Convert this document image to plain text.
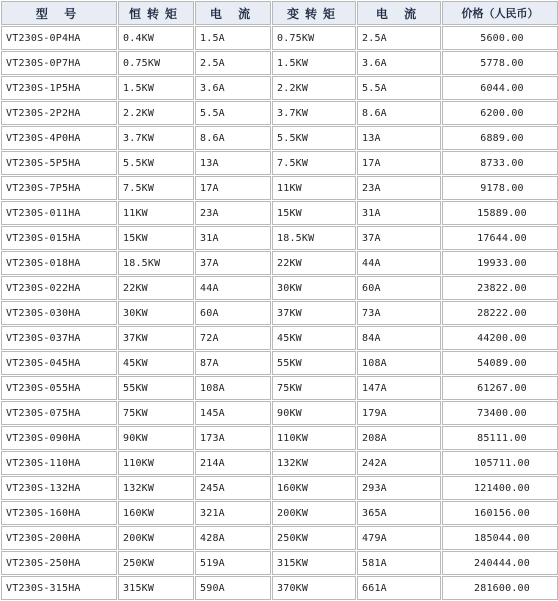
型 号	恒转矩	电 流	变转矩	电 流	价格（人民币）
VT230S-0P4HA	0.4KW	1.5A	0.75KW	2.5A	5600.00
VT230S-0P7HA	0.75KW	2.5A	1.5KW	3.6A	5778.00
VT230S-1P5HA	1.5KW	3.6A	2.2KW	5.5A	6044.00
VT230S-2P2HA	2.2KW	5.5A	3.7KW	8.6A	6200.00
VT230S-4P0HA	3.7KW	8.6A	5.5KW	13A	6889.00
VT230S-5P5HA	5.5KW	13A	7.5KW	17A	8733.00
VT230S-7P5HA	7.5KW	17A	11KW	23A	9178.00
VT230S-011HA	11KW	23A	15KW	31A	15889.00
VT230S-015HA	15KW	31A	18.5KW	37A	17644.00
VT230S-018HA	18.5KW	37A	22KW	44A	19933.00
VT230S-022HA	22KW	44A	30KW	60A	23822.00
VT230S-030HA	30KW	60A	37KW	73A	28222.00
VT230S-037HA	37KW	72A	45KW	84A	44200.00
VT230S-045HA	45KW	87A	55KW	108A	54089.00
VT230S-055HA	55KW	108A	75KW	147A	61267.00
VT230S-075HA	75KW	145A	90KW	179A	73400.00
VT230S-090HA	90KW	173A	110KW	208A	85111.00
VT230S-110HA	110KW	214A	132KW	242A	105711.00
VT230S-132HA	132KW	245A	160KW	293A	121400.00
VT230S-160HA	160KW	321A	200KW	365A	160156.00
VT230S-200HA	200KW	428A	250KW	479A	185044.00
VT230S-250HA	250KW	519A	315KW	581A	240444.00
VT230S-315HA	315KW	590A	370KW	661A	281600.00
